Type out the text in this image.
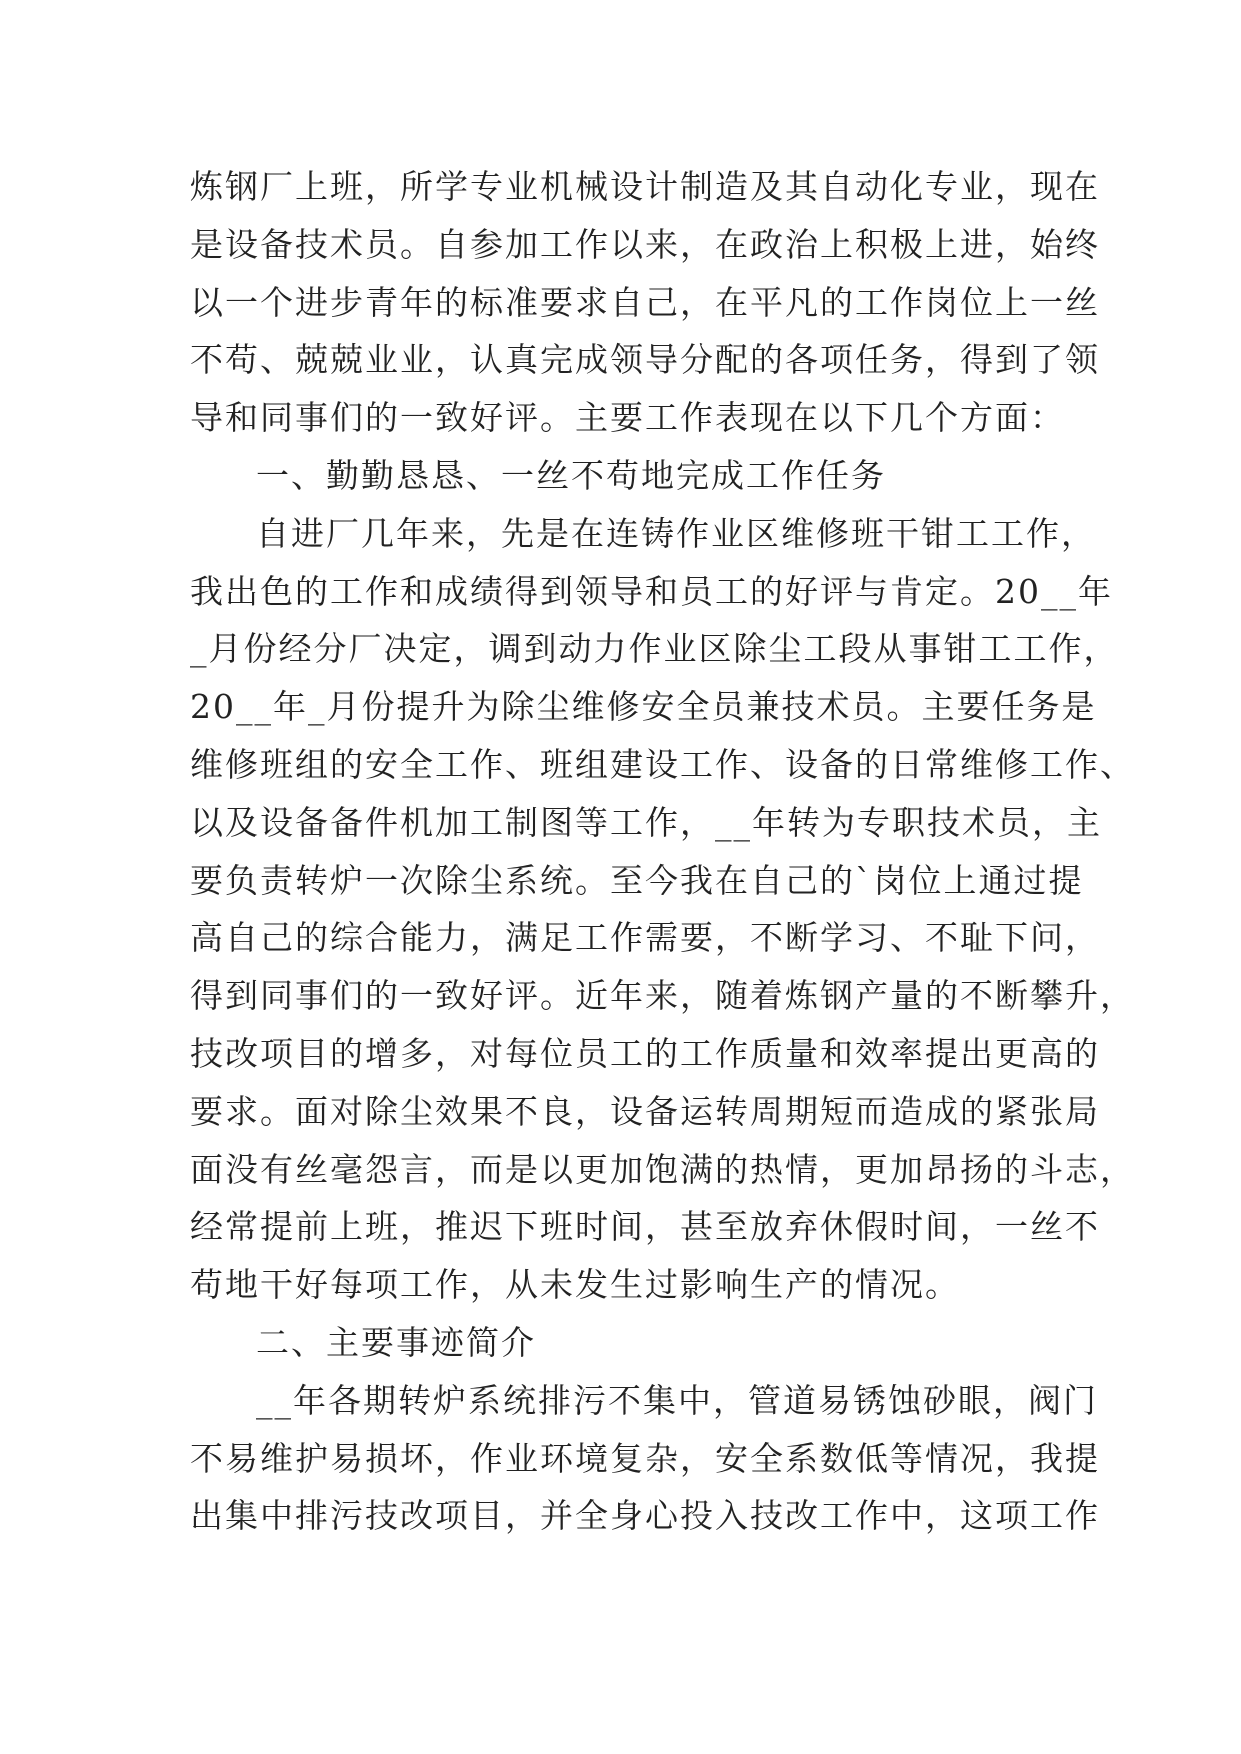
炼钢厂上班，所学专业机械设计制造及其自动化专业，现在
是设备技术员。自参加工作以来，在政治上积极上进，始终
以一个进步青年的标准要求自己，在平凡的工作岗位上一丝
不苟、兢兢业业，认真完成领导分配的各项任务，得到了领
导和同事们的一致好评。主要工作表现在以下几个方面：
一、勤勤恳恳、一丝不苟地完成工作任务
自进厂几年来，先是在连铸作业区维修班干钳工工作，
我出色的工作和成绩得到领导和员工的好评与肯定。20__年
_月份经分厂决定，调到动力作业区除尘工段从事钳工工作，
20__年_月份提升为除尘维修安全员兼技术员。主要任务是
维修班组的安全工作、班组建设工作、设备的日常维修工作、
以及设备备件机加工制图等工作，__年转为专职技术员，主
要负责转炉一次除尘系统。至今我在自己的`岗位上通过提
高自己的综合能力，满足工作需要，不断学习、不耻下问，
得到同事们的一致好评。近年来，随着炼钢产量的不断攀升，
技改项目的增多，对每位员工的工作质量和效率提出更高的
要求。面对除尘效果不良，设备运转周期短而造成的紧张局
面没有丝毫怨言，而是以更加饱满的热情，更加昂扬的斗志，
经常提前上班，推迟下班时间，甚至放弃休假时间，一丝不
苟地干好每项工作，从未发生过影响生产的情况。
二、主要事迹简介
__年各期转炉系统排污不集中，管道易锈蚀砂眼，阀门
不易维护易损坏，作业环境复杂，安全系数低等情况，我提
出集中排污技改项目，并全身心投入技改工作中，这项工作
